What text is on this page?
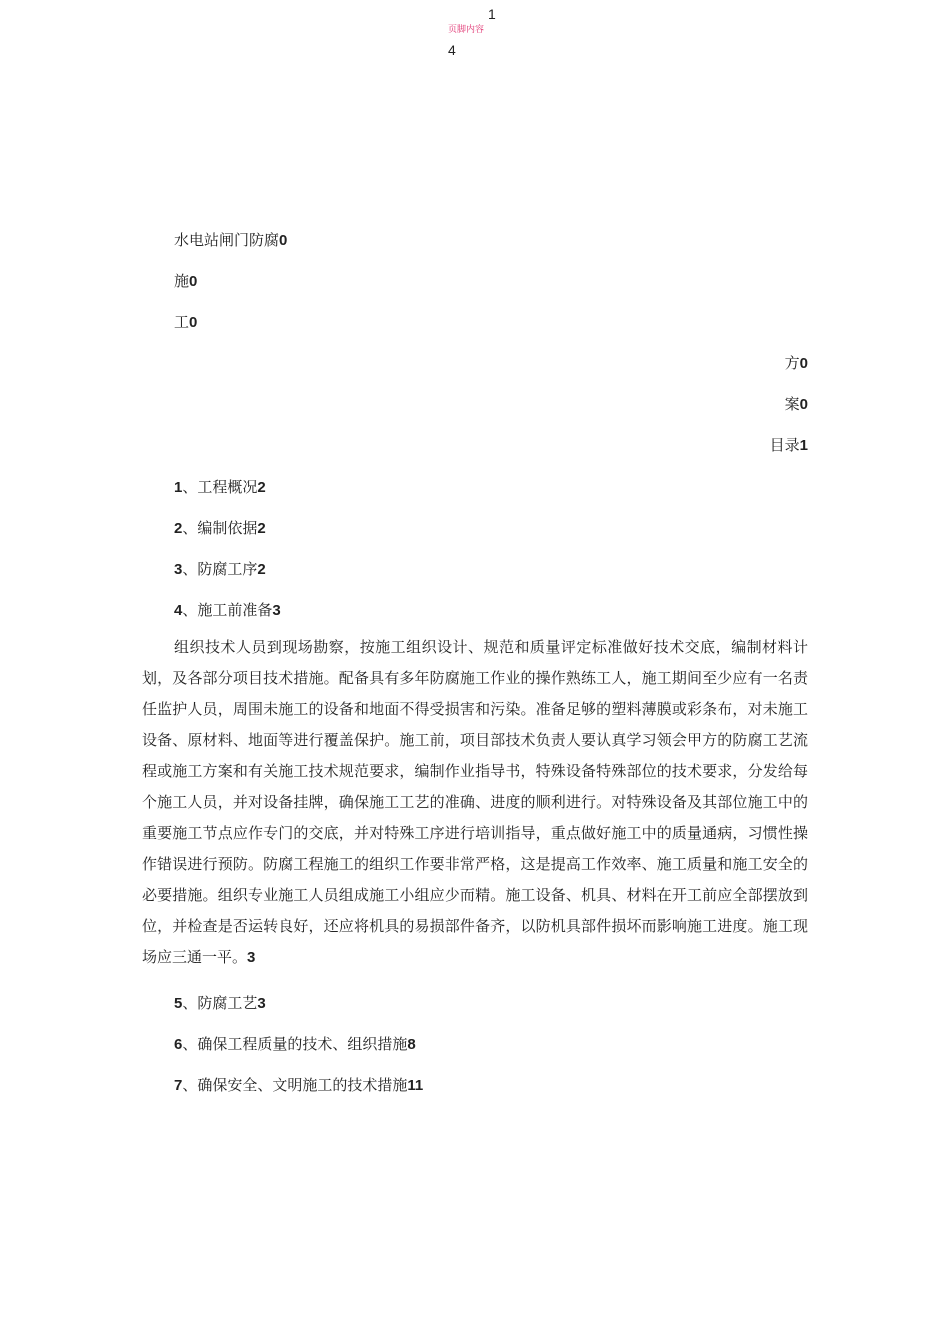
1
页脚内容
4
水电站闸门防腐0
施0
工0
方0
案0
目录1
1、工程概况2
2、编制依据2
3、防腐工序2
4、施工前准备3
组织技术人员到现场勘察，按施工组织设计、规范和质量评定标准做好技术交底，编制材料计划，及各部分项目技术措施。配备具有多年防腐施工作业的操作熟练工人，施工期间至少应有一名责任监护人员，周围未施工的设备和地面不得受损害和污染。准备足够的塑料薄膜或彩条布，对未施工设备、原材料、地面等进行覆盖保护。施工前，项目部技术负责人要认真学习领会甲方的防腐工艺流程或施工方案和有关施工技术规范要求，编制作业指导书，特殊设备特殊部位的技术要求，分发给每个施工人员，并对设备挂牌，确保施工工艺的准确、进度的顺利进行。对特殊设备及其部位施工中的重要施工节点应作专门的交底，并对特殊工序进行培训指导，重点做好施工中的质量通病，习惯性操作错误进行预防。防腐工程施工的组织工作要非常严格，这是提高工作效率、施工质量和施工安全的必要措施。组织专业施工人员组成施工小组应少而精。施工设备、机具、材料在开工前应全部摆放到位，并检查是否运转良好，还应将机具的易损部件备齐，以防机具部件损坏而影响施工进度。施工现场应三通一平。3
5、防腐工艺3
6、确保工程质量的技术、组织措施8
7、确保安全、文明施工的技术措施11
